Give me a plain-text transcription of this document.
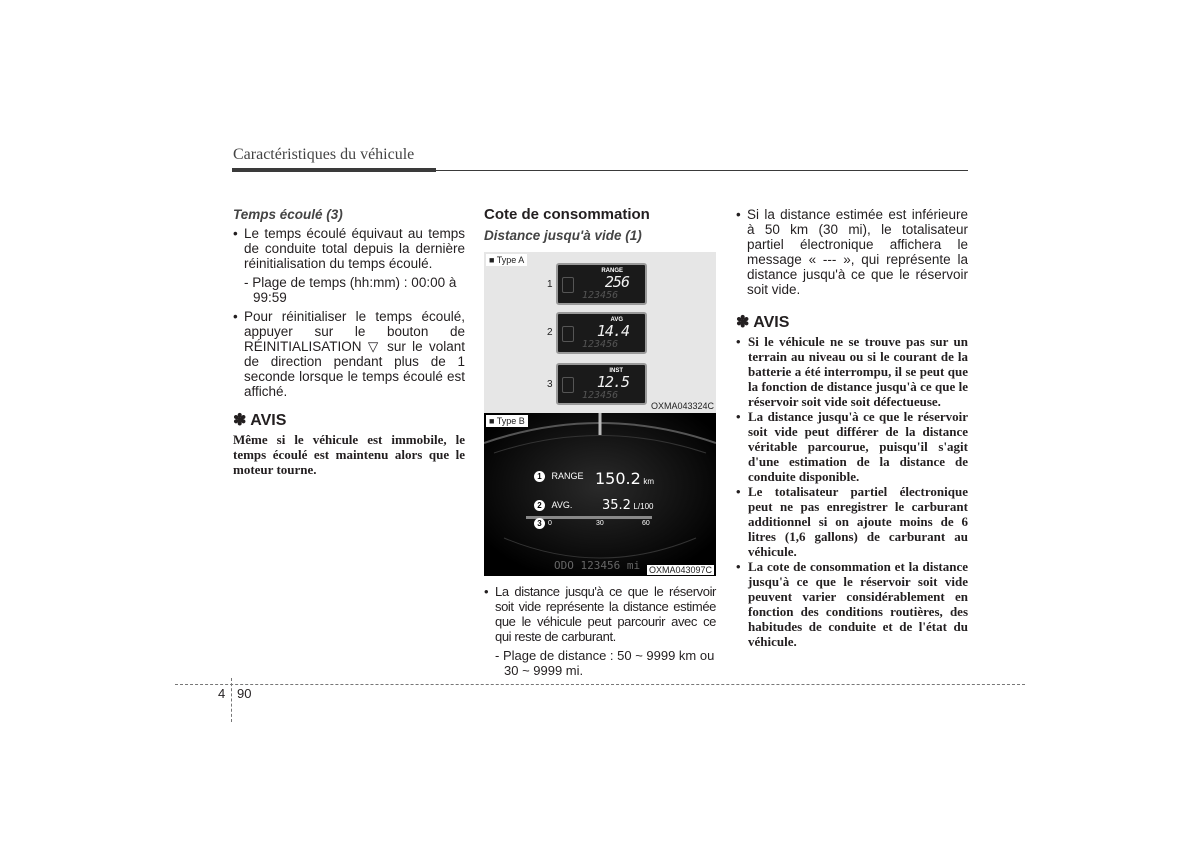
Caractéristiques du véhicule
Temps écoulé (3)
• Le temps écoulé équivaut au temps de conduite total depuis la dernière réinitialisation du temps écoulé.
- Plage de temps (hh:mm) : 00:00 à 99:59
• Pour réinitialiser le temps écoulé, appuyer sur le bouton de RÉINITIALISATION ▽ sur le volant de direction pendant plus de 1 seconde lorsque le temps écoulé est affiché.
✽ AVIS
Même si le véhicule est immobile, le temps écoulé est maintenu alors que le moteur tourne.
Cote de consommation
Distance jusqu'à vide (1)
■ Type A
1
RANGE
256
123456
2
AVG
14.4
123456
3
INST
12.5
123456
OXMA043324C
■ Type B
1 RANGE 150.2 km
2 AVG. 35.2 L/100
3 0	30	60
ODO 123456 mi OXMA043097C
• La distance jusqu'à ce que le réservoir soit vide représente la distance estimée que le véhicule peut parcourir avec ce qui reste de carburant.
- Plage de distance : 50 ~ 9999 km ou 30 ~ 9999 mi.
• Si la distance estimée est inférieure à 50 km (30 mi), le totalisateur partiel électronique affichera le message « --- », qui représente la distance jusqu'à ce que le réservoir soit vide.
✽ AVIS
• Si le véhicule ne se trouve pas sur un terrain au niveau ou si le courant de la batterie a été interrompu, il se peut que la fonction de distance jusqu'à ce que le réservoir soit vide soit défectueuse.
• La distance jusqu'à ce que le réservoir soit vide peut différer de la distance véritable parcourue, puisqu'il s'agit d'une estimation de la distance de conduite disponible.
• Le totalisateur partiel électronique peut ne pas enregistrer le carburant additionnel si on ajoute moins de 6 litres (1,6 gallons) de carburant au véhicule.
• La cote de consommation et la distance jusqu'à ce que le réservoir soit vide peuvent varier considérablement en fonction des conditions routières, des habitudes de conduite et de l'état du véhicule.
4 90
